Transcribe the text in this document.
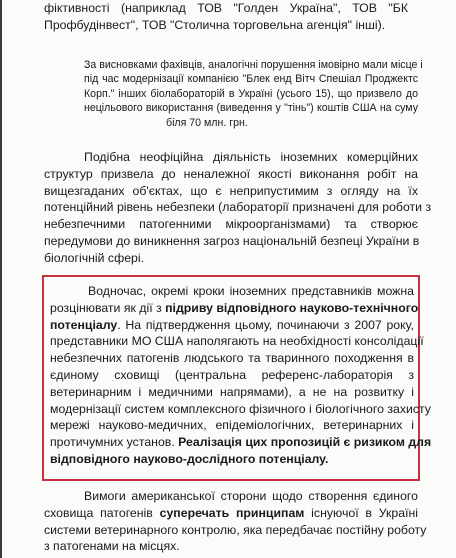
фіктивності (наприклад ТОВ "Голден Україна", ТОВ "БК
Профбудінвест", ТОВ "Столична торговельна агенція" інші).
За висновками фахівців, аналогічні порушення імовірно мали місце і
під час модернізації компанією "Блек енд Вітч Спешіал Проджектс
Корп." інших біолабораторій в Україні (усього 15), що призвело до
нецільового використання (виведення у "тінь") коштів США на суму
біля 70 млн. грн.
Подібна неофіційна діяльність іноземних комерційних
структур призвела до неналежної якості виконання робіт на
вищезгаданих об'єктах, що є неприпустимим з огляду на їх
потенційний рівень небезпеки (лабораторії призначені для роботи з
небезпечними патогенними мікроорганізмами) та створює
передумови до виникнення загроз національній безпеці України в
біологічній сфері.
Водночас, окремі кроки іноземних представників можна
розцінювати як дії з підриву відповідного науково-технічного
потенціалу. На підтвердження цьому, починаючи з 2007 року,
представники МО США наполягають на необхідності консолідації
небезпечних патогенів людського та тваринного походження в
єдиному сховищі (центральна референс-лабораторія з
ветеринарним і медичними напрямами), а не на розвитку і
модернізації систем комплексного фізичного і біологічного захисту
мережі науково-медичних, епідеміологічних, ветеринарних і
протичумних установ. Реалізація цих пропозицій є ризиком для
відповідного науково-дослідного потенціалу.
Вимоги американської сторони щодо створення єдиного
сховища патогенів суперечать принципам існуючої в Україні
системи ветеринарного контролю, яка передбачає постійну роботу
з патогенами на місцях.
